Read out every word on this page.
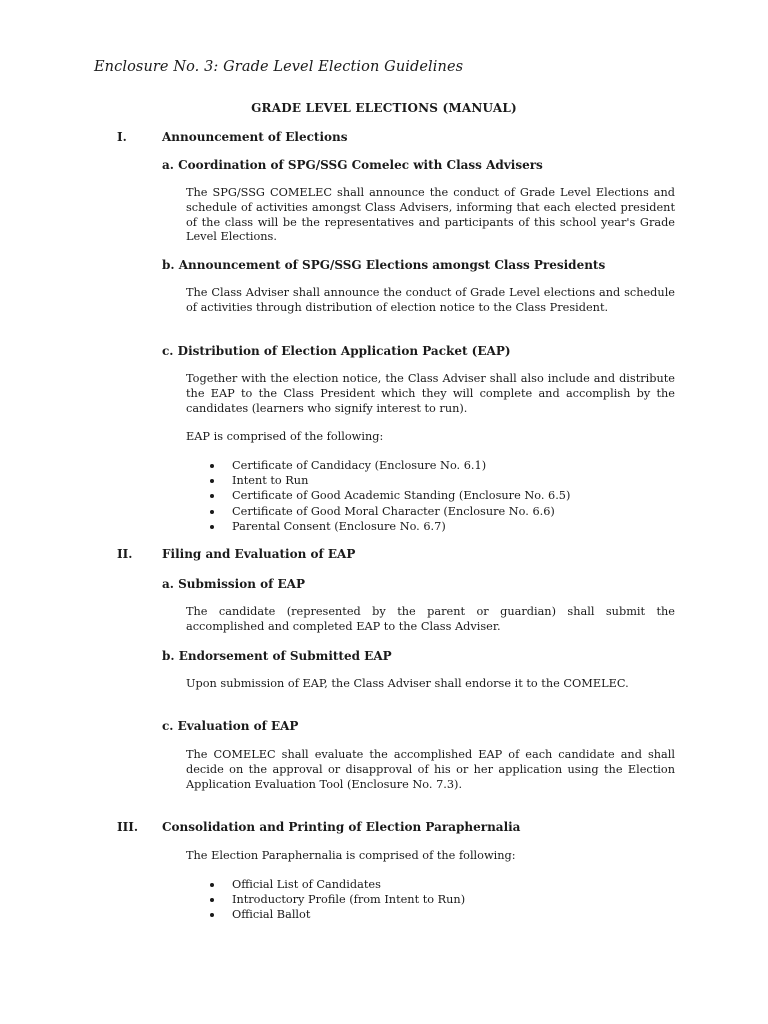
Enclosure No. 3: Grade Level Election Guidelines
GRADE LEVEL ELECTIONS (MANUAL)
I.	Announcement of Elections
a. Coordination of SPG/SSG Comelec with Class Advisers
The SPG/SSG COMELEC shall announce the conduct of Grade Level Elections and schedule of activities amongst Class Advisers, informing that each elected president of the class will be the representatives and participants of this school year's Grade Level Elections.
b. Announcement of SPG/SSG Elections amongst Class Presidents
The Class Adviser shall announce the conduct of Grade Level elections and schedule of activities through distribution of election notice to the Class President.
c. Distribution of Election Application Packet (EAP)
Together with the election notice, the Class Adviser shall also include and distribute the EAP to the Class President which they will complete and accomplish by the candidates (learners who signify interest to run).
EAP is comprised of the following:
Certificate of Candidacy (Enclosure No. 6.1)
Intent to Run
Certificate of Good Academic Standing (Enclosure No. 6.5)
Certificate of Good Moral Character (Enclosure No. 6.6)
Parental Consent (Enclosure No. 6.7)
II. Filing and Evaluation of EAP
a. Submission of EAP
The candidate (represented by the parent or guardian) shall submit the accomplished and completed EAP to the Class Adviser.
b. Endorsement of Submitted EAP
Upon submission of EAP, the Class Adviser shall endorse it to the COMELEC.
c. Evaluation of EAP
The COMELEC shall evaluate the accomplished EAP of each candidate and shall decide on the approval or disapproval of his or her application using the Election Application Evaluation Tool (Enclosure No. 7.3).
III. Consolidation and Printing of Election Paraphernalia
The Election Paraphernalia is comprised of the following:
Official List of Candidates
Introductory Profile (from Intent to Run)
Official Ballot
